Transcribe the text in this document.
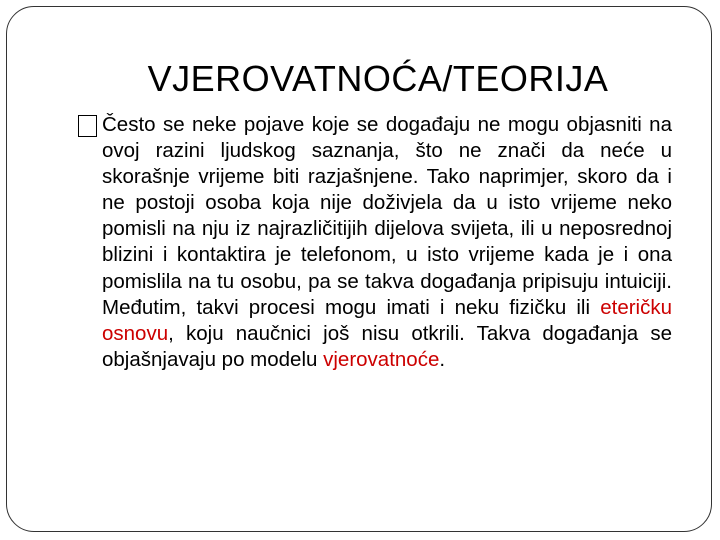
VJEROVATNOĆA/TEORIJA
Često se neke pojave koje se događaju ne mogu objasniti na ovoj razini ljudskog saznanja, što ne znači da neće u skorašnje vrijeme biti razjašnjene. Tako naprimjer, skoro da i ne postoji osoba koja nije doživjela da u isto vrijeme neko pomisli na nju iz najrazličitijih dijelova svijeta, ili u neposrednoj blizini i kontaktira je telefonom, u isto vrijeme kada je i ona pomislila na tu osobu, pa se takva događanja pripisuju intuiciji. Međutim, takvi procesi mogu imati i neku fizičku ili eteričku osnovu, koju naučnici još nisu otkrili. Takva događanja se objašnjavaju po modelu vjerovatnoće.
